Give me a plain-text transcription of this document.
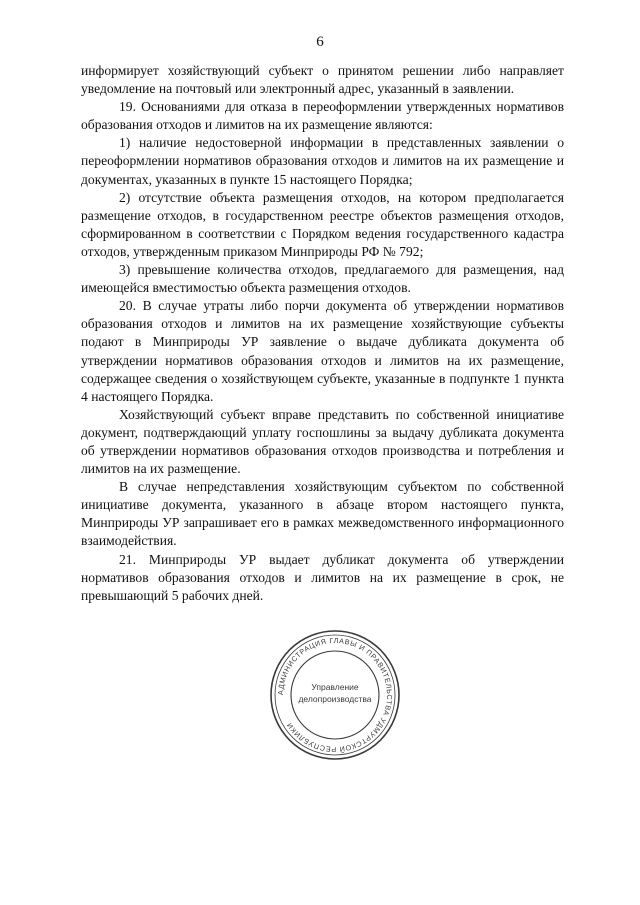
6

информирует хозяйствующий субъект о принятом решении либо направляет уведомление на почтовый или электронный адрес, указанный в заявлении.

19. Основаниями для отказа в переоформлении утвержденных нормативов образования отходов и лимитов на их размещение являются:

1) наличие недостоверной информации в представленных заявлении о переоформлении нормативов образования отходов и лимитов на их размещение и документах, указанных в пункте 15 настоящего Порядка;

2) отсутствие объекта размещения отходов, на котором предполагается размещение отходов, в государственном реестре объектов размещения отходов, сформированном в соответствии с Порядком ведения государственного кадастра отходов, утвержденным приказом Минприроды РФ № 792;

3) превышение количества отходов, предлагаемого для размещения, над имеющейся вместимостью объекта размещения отходов.

20. В случае утраты либо порчи документа об утверждении нормативов образования отходов и лимитов на их размещение хозяйствующие субъекты подают в Минприроды УР заявление о выдаче дубликата документа об утверждении нормативов образования отходов и лимитов на их размещение, содержащее сведения о хозяйствующем субъекте, указанные в подпункте 1 пункта 4 настоящего Порядка.

Хозяйствующий субъект вправе представить по собственной инициативе документ, подтверждающий уплату госпошлины за выдачу дубликата документа об утверждении нормативов образования отходов производства и потребления и лимитов на их размещение.

В случае непредставления хозяйствующим субъектом по собственной инициативе документа, указанного в абзаце втором настоящего пункта, Минприроды УР запрашивает его в рамках межведомственного информационного взаимодействия.

21. Минприроды УР выдает дубликат документа об утверждении нормативов образования отходов и лимитов на их размещение в срок, не превышающий 5 рабочих дней.

АДМИНИСТРАЦИЯ ГЛАВЫ И ПРАВИТЕЛЬСТВА УДМУРТСКОЙ РЕСПУБЛИКИ
Управление
делопроизводства
